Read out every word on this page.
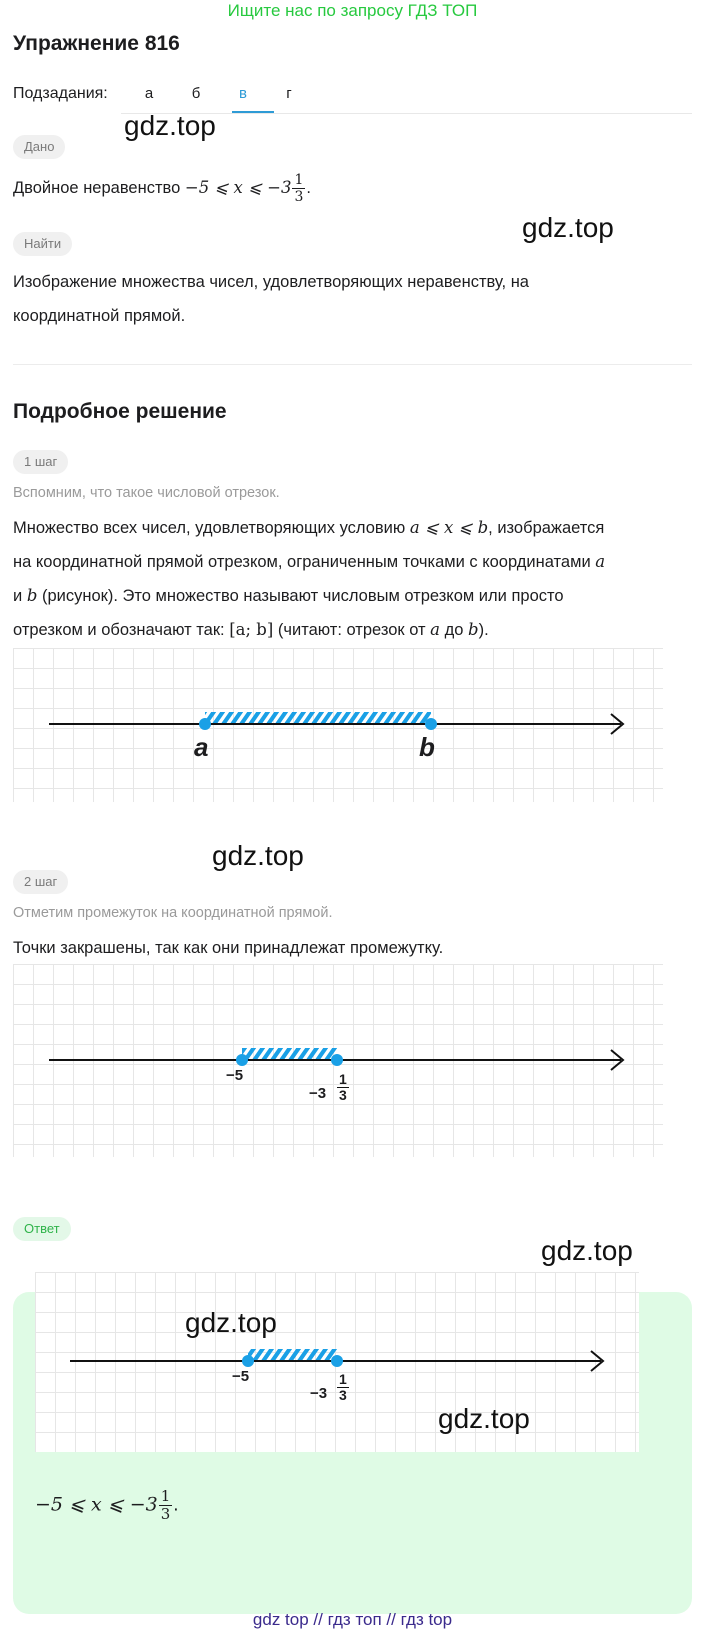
Ищите нас по запросу ГДЗ ТОП
Упражнение 816
Подзадания:	а	б	в	г
gdz.top
gdz.top
gdz.top
Дано
Двойное неравенство −5 ⩽ x ⩽ $-3 \frac{1}{3}$ .
Найти
Изображение множества чисел, удовлетворяющих неравенству, на
координатной прямой.
Подробное решение
1 шаг
Вспомним, что такое числовой отрезок.
Множество всех чисел, удовлетворяющих условию a ⩽ x ⩽ b, изображается
на координатной прямой отрезком, ограниченным точками с координатами a
и b (рисунок). Это множество называют числовым отрезком или просто
отрезком и обозначают так: [a; b] (читают: отрезок от a до b).
a	b
2 шаг
Отметим промежуток на координатной прямой.
Точки закрашены, так как они принадлежат промежутку.
−5
$-3 \frac{1}{3}$
Ответ
−5
$-3 \frac{1}{3}$
gdz.top
gdz.top
gdz.top
−5 ⩽ x ⩽ $-3 \frac{1}{3}$ .
gdz top // гдз топ // гдз top
